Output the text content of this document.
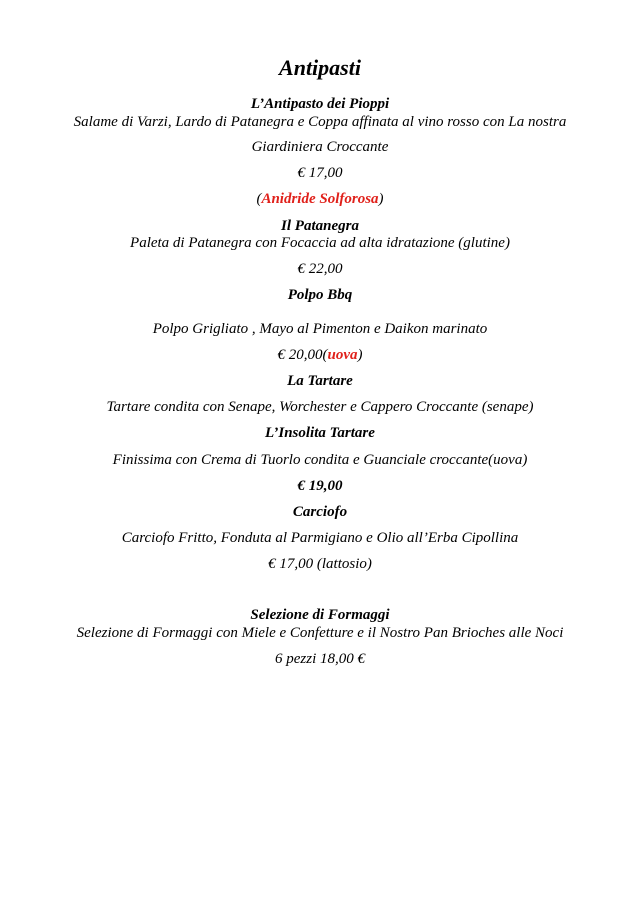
Antipasti
L’Antipasto dei Pioppi
Salame di Varzi, Lardo di Patanegra e Coppa affinata al vino rosso con La nostra
Giardiniera Croccante
€ 17,00
(Anidride Solforosa)
Il Patanegra
Paleta di Patanegra con Focaccia ad alta idratazione (glutine)
€ 22,00
Polpo Bbq
Polpo Grigliato , Mayo al Pimenton e Daikon marinato
€ 20,00(uova)
La Tartare
Tartare condita con Senape, Worchester e Cappero Croccante (senape)
L’Insolita Tartare
Finissima con Crema di Tuorlo condita e Guanciale croccante(uova)
€ 19,00
Carciofo
Carciofo Fritto, Fonduta al Parmigiano e Olio all’Erba Cipollina
€ 17,00 (lattosio)
Selezione di Formaggi
Selezione di Formaggi con Miele e Confetture e il Nostro Pan Brioches alle Noci
6 pezzi 18,00 €
